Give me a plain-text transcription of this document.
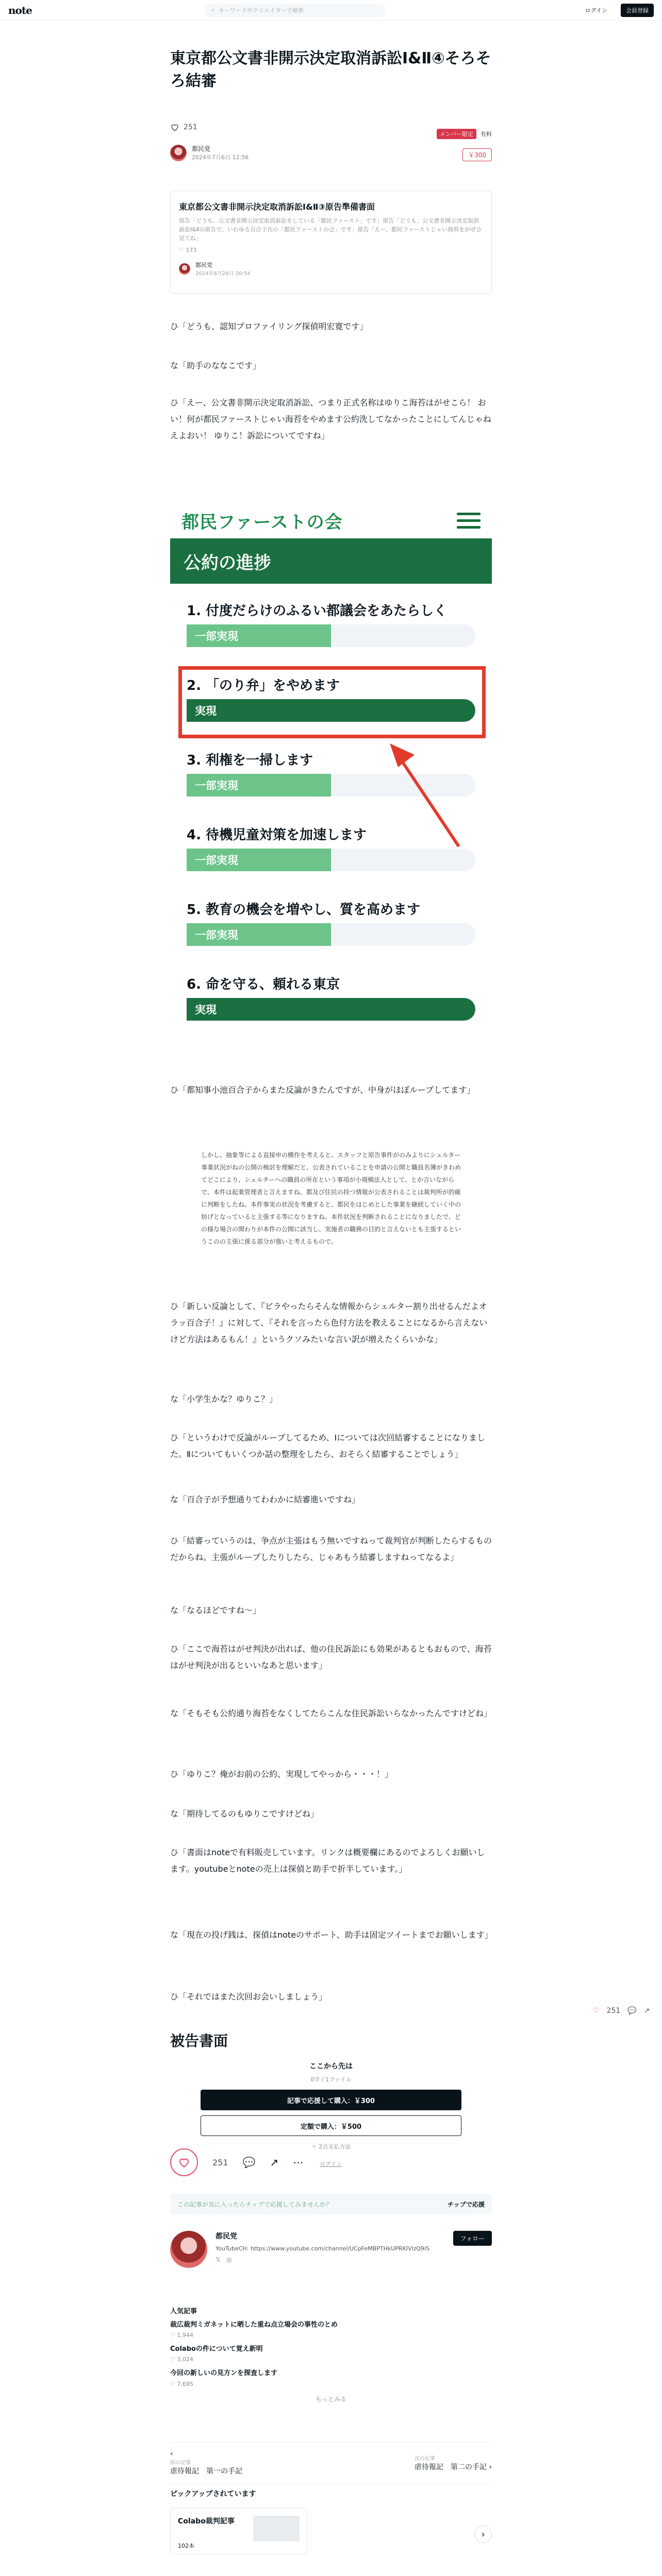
note	⌕ キーワードやクリエイターで検索	ログイン	会員登録
東京都公文書非開示決定取消訴訟Ⅰ&Ⅱ④そろそろ結審
251
都民党
2024年7月6日 12:56
メンバー限定	有料
￥300
東京都公文書非開示決定取消訴訟Ⅰ&Ⅱ③原告準備書面
原告「どうも、公文書非開示決定取消訴訟をしている「都民ファースト」です」原告「どうも、公文書非開示決定取消訴訟Ⅰ&Ⅱの原告で、いわゆる百合子氏の「都民ファーストの会」です」原告「えー、都民ファーストじゃい海苔をがぜひ見てね」
♡ 173
都民党
2024年6月28日 20:54
ひ「どうも、認知プロファイリング探偵明宏寛です」
な「助手のななこです」
ひ「えー、公文書非開示決定取消訴訟、つまり正式名称はゆりこ海苔はがせこら！ おい！何が都民ファーストじゃい海苔をやめます公約洗してなかったことにしてんじゃねえよおい！ ゆりこ！訴訟についてですね」
都民ファーストの会
公約の進捗
1. 付度だらけのふるい都議会をあたらしく
一部実現
2. 「のり弁」をやめます
実現
3. 利権を一掃します
一部実現
4. 待機児童対策を加速します
一部実現
5. 教育の機会を増やし、質を高めます
一部実現
6. 命を守る、頼れる東京
実現
ひ「都知事小池百合子からまた反論がきたんですが、中身がほぼループしてます」
しかし、抽象等による直接申の横作を考えると、スタッフと原告事件がのみよりにシェルター事業状況がねの公開の検討を理解だと、公表されていることを申請の公開と職員名簿がきわめてどこにより、シェルターへの職員の所在という事項が小規模法人として、とか言いながらで、本件は起業管理者と言えますね。都及び住民の持つ情報が公表されることは裁判所が的確に判断をしたね、本件事実の状況を考慮すると、都民をはじめとした事業を継続していく中の妨げとなっていると主張する等になりますね。本件状況を判断されることになりましたで、どの様な場合の関わりが本件の公開に該当し、実施者の職務の目的と言えないとも主張するというこのの主張に係る部分が強いと考えるもので。
ひ「新しい反論として、『ビラやったらそんな情報からシェルター割り出せるんだよオラッ百合子！』に対して、『それを言ったら色付方法を教えることになるから言えないけど方法はあるもん！』というクソみたいな言い訳が増えたくらいかな」
な「小学生かな？ゆりこ？」
ひ「というわけで反論がループしてるため、Ⅰについては次回結審することになりました。Ⅱについてもいくつか話の整理をしたら、おそらく結審することでしょう」
な「百合子が予想通りてわわかに結審進いですね」
ひ「結審っていうのは、争点が主張はもう無いですねって裁判官が判断したらするものだからね。主張がループしたりしたら、じゃあもう結審しますねってなるよ」
な「なるほどですね～」
ひ「ここで海苔はがせ判決が出れば、他の住民訴訟にも効果があるともおもので、海苔はがせ判決が出るといいなあと思います」
な「そもそも公約通り海苔をなくしてたらこんな住民訴訟いらなかったんですけどね」
ひ「ゆりこ？俺がお前の公約、実現してやっから・・・！」
な「期待してるのもゆりこですけどね」
ひ「書面はnoteで有料販売しています。リンクは概要欄にあるのでよろしくお願いします。youtubeとnoteの売上は探偵と助手で折半しています。」
な「現在の投げ銭は、探偵はnoteのサポート、助手は固定ツイートまでお願いします」
ひ「それではまた次回お会いしましょう」
被告書面
ここから先は
0字 / 1ファイル
記事で応援して購入：￥300
定額で購入：￥500
＋ 2点支払方法
ログイン
251 💬 ↗ ⋯
この記事が気に入ったらチップで応援してみませんか？	チップで応援
都民党
YouTubeCH: https://www.youtube.com/channel/UCpFeMBPTHkUPRKIVlzQ9iS
𝕏   ◎
フォロー
人気記事
裁広裁判ミガネットに晒した重ね点立場会の事性のとめ
♡ 1,944
Colaboの件について覚え新明
♡ 3,024
今回の新しいの見方ンを探査します
♡ 7,695
もっとみる
‹
前の記事
虐待報記　第一の手記
次の記事
虐待報記　第二の手記 ›
ピックアップされています
Colabo裁判記事
102本
›
♡ 251 💬 ↗
